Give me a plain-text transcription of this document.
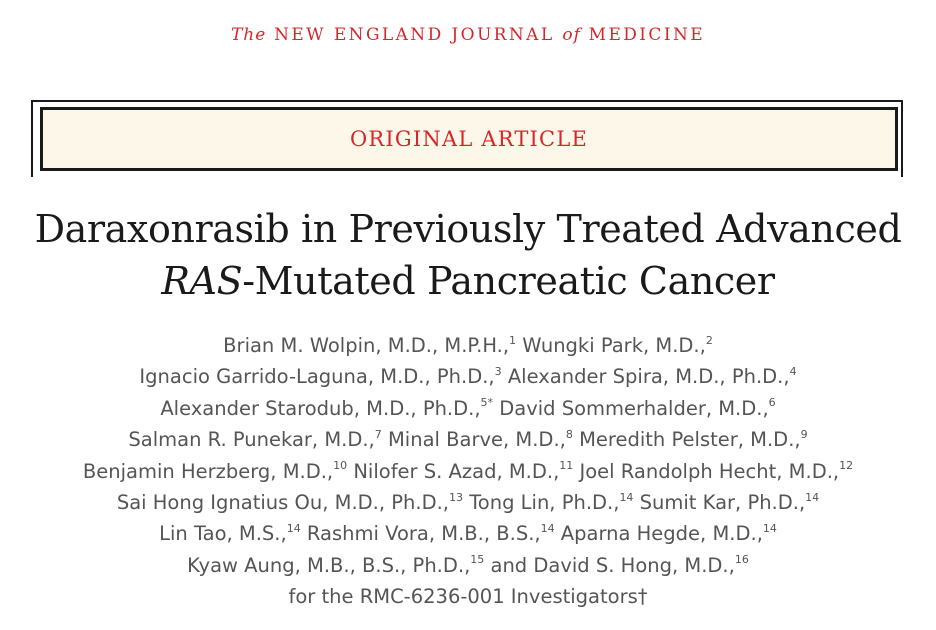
The NEW ENGLAND JOURNAL of MEDICINE
ORIGINAL ARTICLE
Daraxonrasib in Previously Treated Advanced
RAS-Mutated Pancreatic Cancer
Brian M. Wolpin, M.D., M.P.H.,$^1$ Wungki Park, M.D.,$^2$
Ignacio Garrido-Laguna, M.D., Ph.D.,$^3$ Alexander Spira, M.D., Ph.D.,$^4$
Alexander Starodub, M.D., Ph.D.,$^{5*}$ David Sommerhalder, M.D.,$^6$
Salman R. Punekar, M.D.,$^7$ Minal Barve, M.D.,$^8$ Meredith Pelster, M.D.,$^9$
Benjamin Herzberg, M.D.,$^{10}$ Nilofer S. Azad, M.D.,$^{11}$ Joel Randolph Hecht, M.D.,$^{12}$
Sai Hong Ignatius Ou, M.D., Ph.D.,$^{13}$ Tong Lin, Ph.D.,$^{14}$ Sumit Kar, Ph.D.,$^{14}$
Lin Tao, M.S.,$^{14}$ Rashmi Vora, M.B., B.S.,$^{14}$ Aparna Hegde, M.D.,$^{14}$
Kyaw Aung, M.B., B.S., Ph.D.,$^{15}$ and David S. Hong, M.D.,$^{16}$
for the RMC-6236-001 Investigators†
